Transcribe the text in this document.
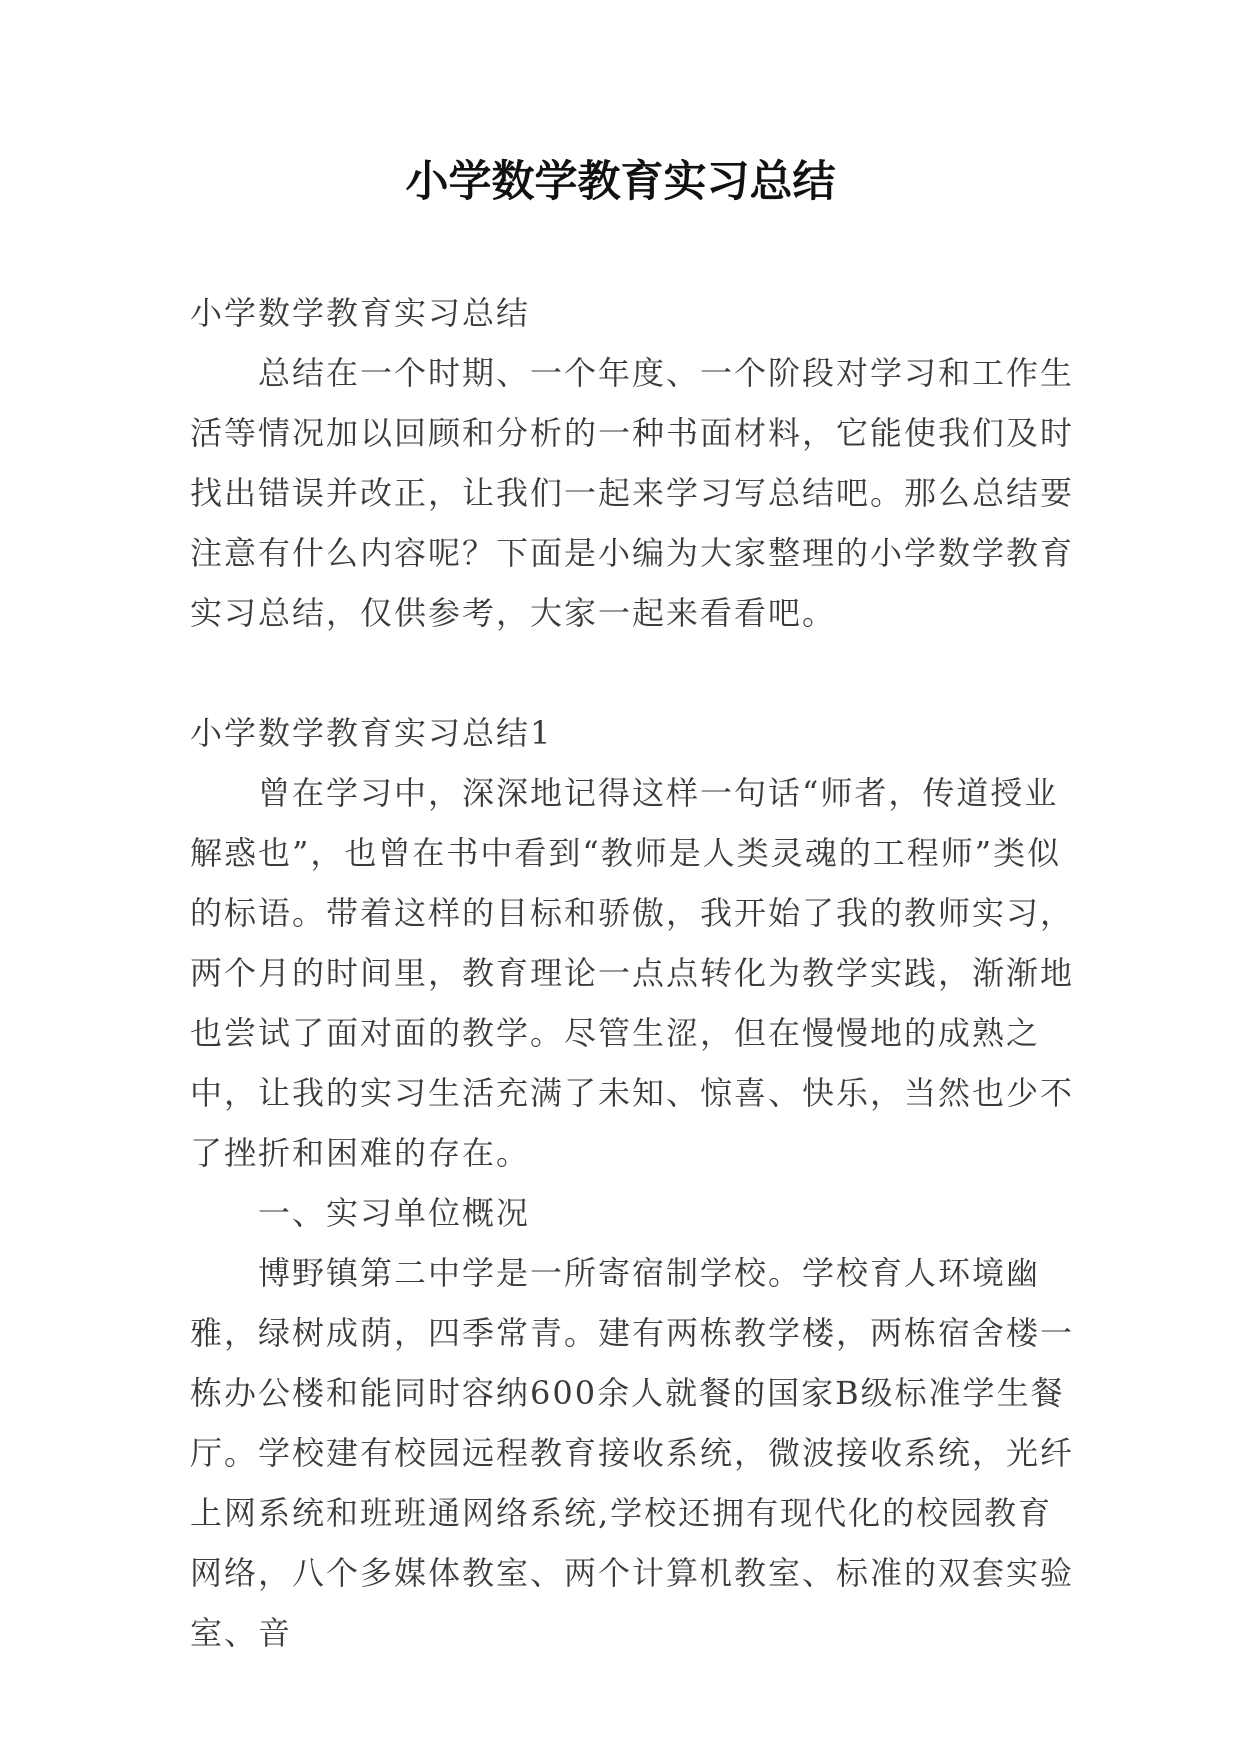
小学数学教育实习总结

小学数学教育实习总结

总结在一个时期、一个年度、一个阶段对学习和工作生活等情况加以回顾和分析的一种书面材料，它能使我们及时找出错误并改正，让我们一起来学习写总结吧。那么总结要注意有什么内容呢？下面是小编为大家整理的小学数学教育实习总结，仅供参考，大家一起来看看吧。

小学数学教育实习总结1

曾在学习中，深深地记得这样一句话“师者，传道授业解惑也”，也曾在书中看到“教师是人类灵魂的工程师”类似的标语。带着这样的目标和骄傲，我开始了我的教师实习，两个月的时间里，教育理论一点点转化为教学实践，渐渐地也尝试了面对面的教学。尽管生涩，但在慢慢地的成熟之中，让我的实习生活充满了未知、惊喜、快乐，当然也少不了挫折和困难的存在。

一、实习单位概况

博野镇第二中学是一所寄宿制学校。学校育人环境幽雅，绿树成荫，四季常青。建有两栋教学楼，两栋宿舍楼一栋办公楼和能同时容纳600余人就餐的国家B级标准学生餐厅。学校建有校园远程教育接收系统，微波接收系统，光纤上网系统和班班通网络系统,学校还拥有现代化的校园教育网络，八个多媒体教室、两个计算机教室、标准的双套实验室、音
